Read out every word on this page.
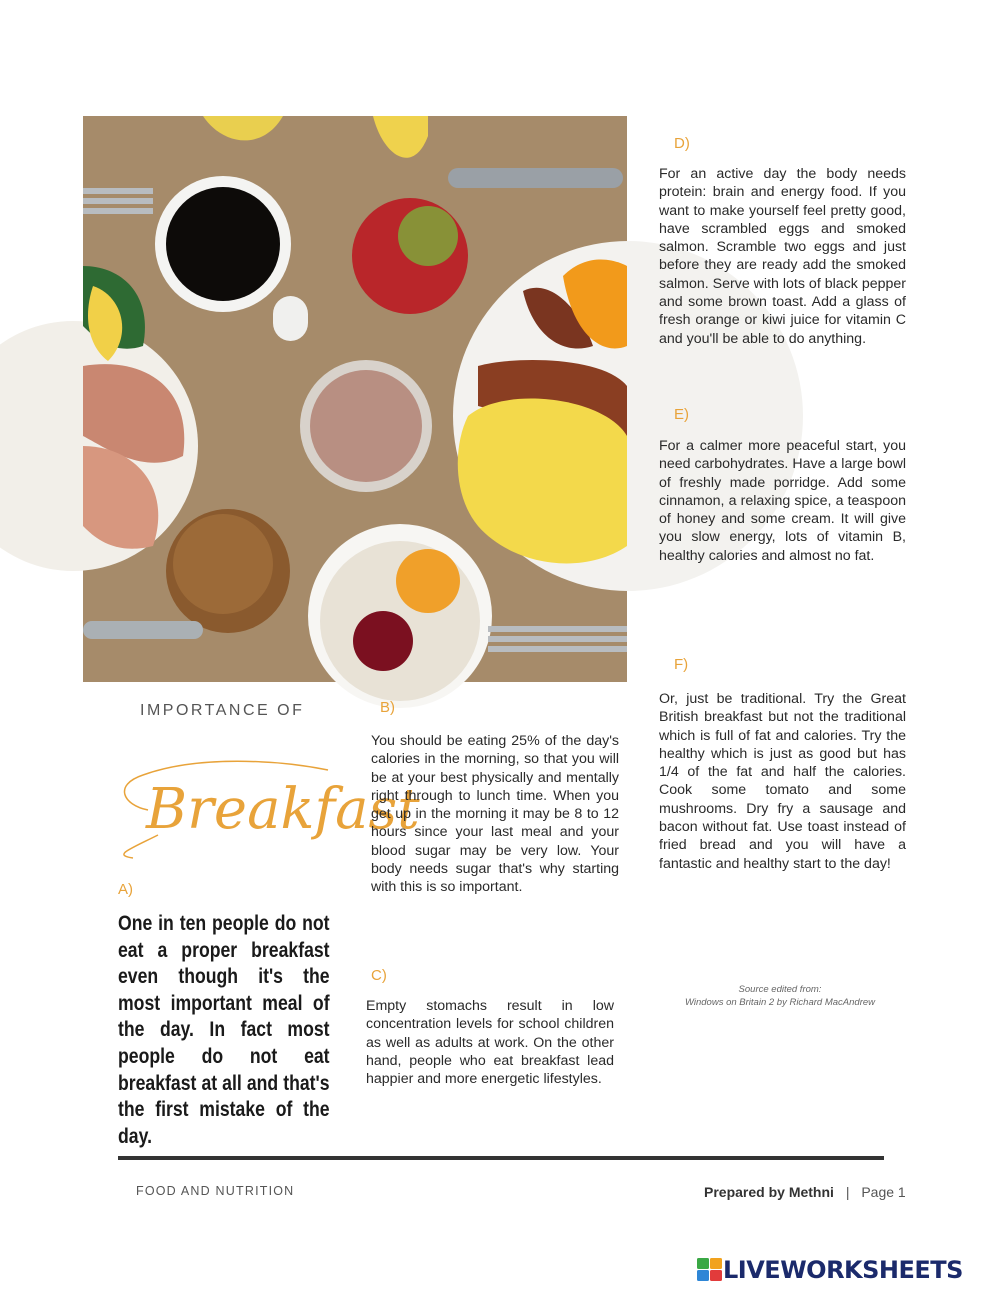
IMPORTANCE OF
Breakfast
A)

One in ten people do not eat a proper breakfast even though it's the most important meal of the day. In fact most people do not eat breakfast at all and that's the first mistake of the day.

B)

You should be eating 25% of the day's calories in the morning, so that you will be at your best physically and mentally right through to lunch time. When you get up in the morning it may be 8 to 12 hours since your last meal and your blood sugar may be very low. Your body needs sugar that's why starting with this is so important.

C)

Empty stomachs result in low concentration levels for school children as well as adults at work. On the other hand, people who eat breakfast lead happier and more energetic lifestyles.

D)

For an active day the body needs protein: brain and energy food. If you want to make yourself feel pretty good, have scrambled eggs and smoked salmon. Scramble two eggs and just before they are ready add the smoked salmon. Serve with lots of black pepper and some brown toast. Add a glass of fresh orange or kiwi juice for vitamin C and you'll be able to do anything.

E)

For a calmer more peaceful start, you need carbohydrates. Have a large bowl of freshly made porridge. Add some cinnamon, a relaxing spice, a teaspoon of honey and some cream. It will give you slow energy, lots of vitamin B, healthy calories and almost no fat.

F)

Or, just be traditional. Try the Great British breakfast but not the traditional which is full of fat and calories. Try the healthy which is just as good but has 1/4 of the fat and half the calories. Cook some tomato and some mushrooms. Dry fry a sausage and bacon without fat. Use toast instead of fried bread and you will have a fantastic and healthy start to the day!

Source edited from:
Windows on Britain 2 by Richard MacAndrew
FOOD AND NUTRITION	Prepared by Methni | Page 1
LIVEWORKSHEETS
